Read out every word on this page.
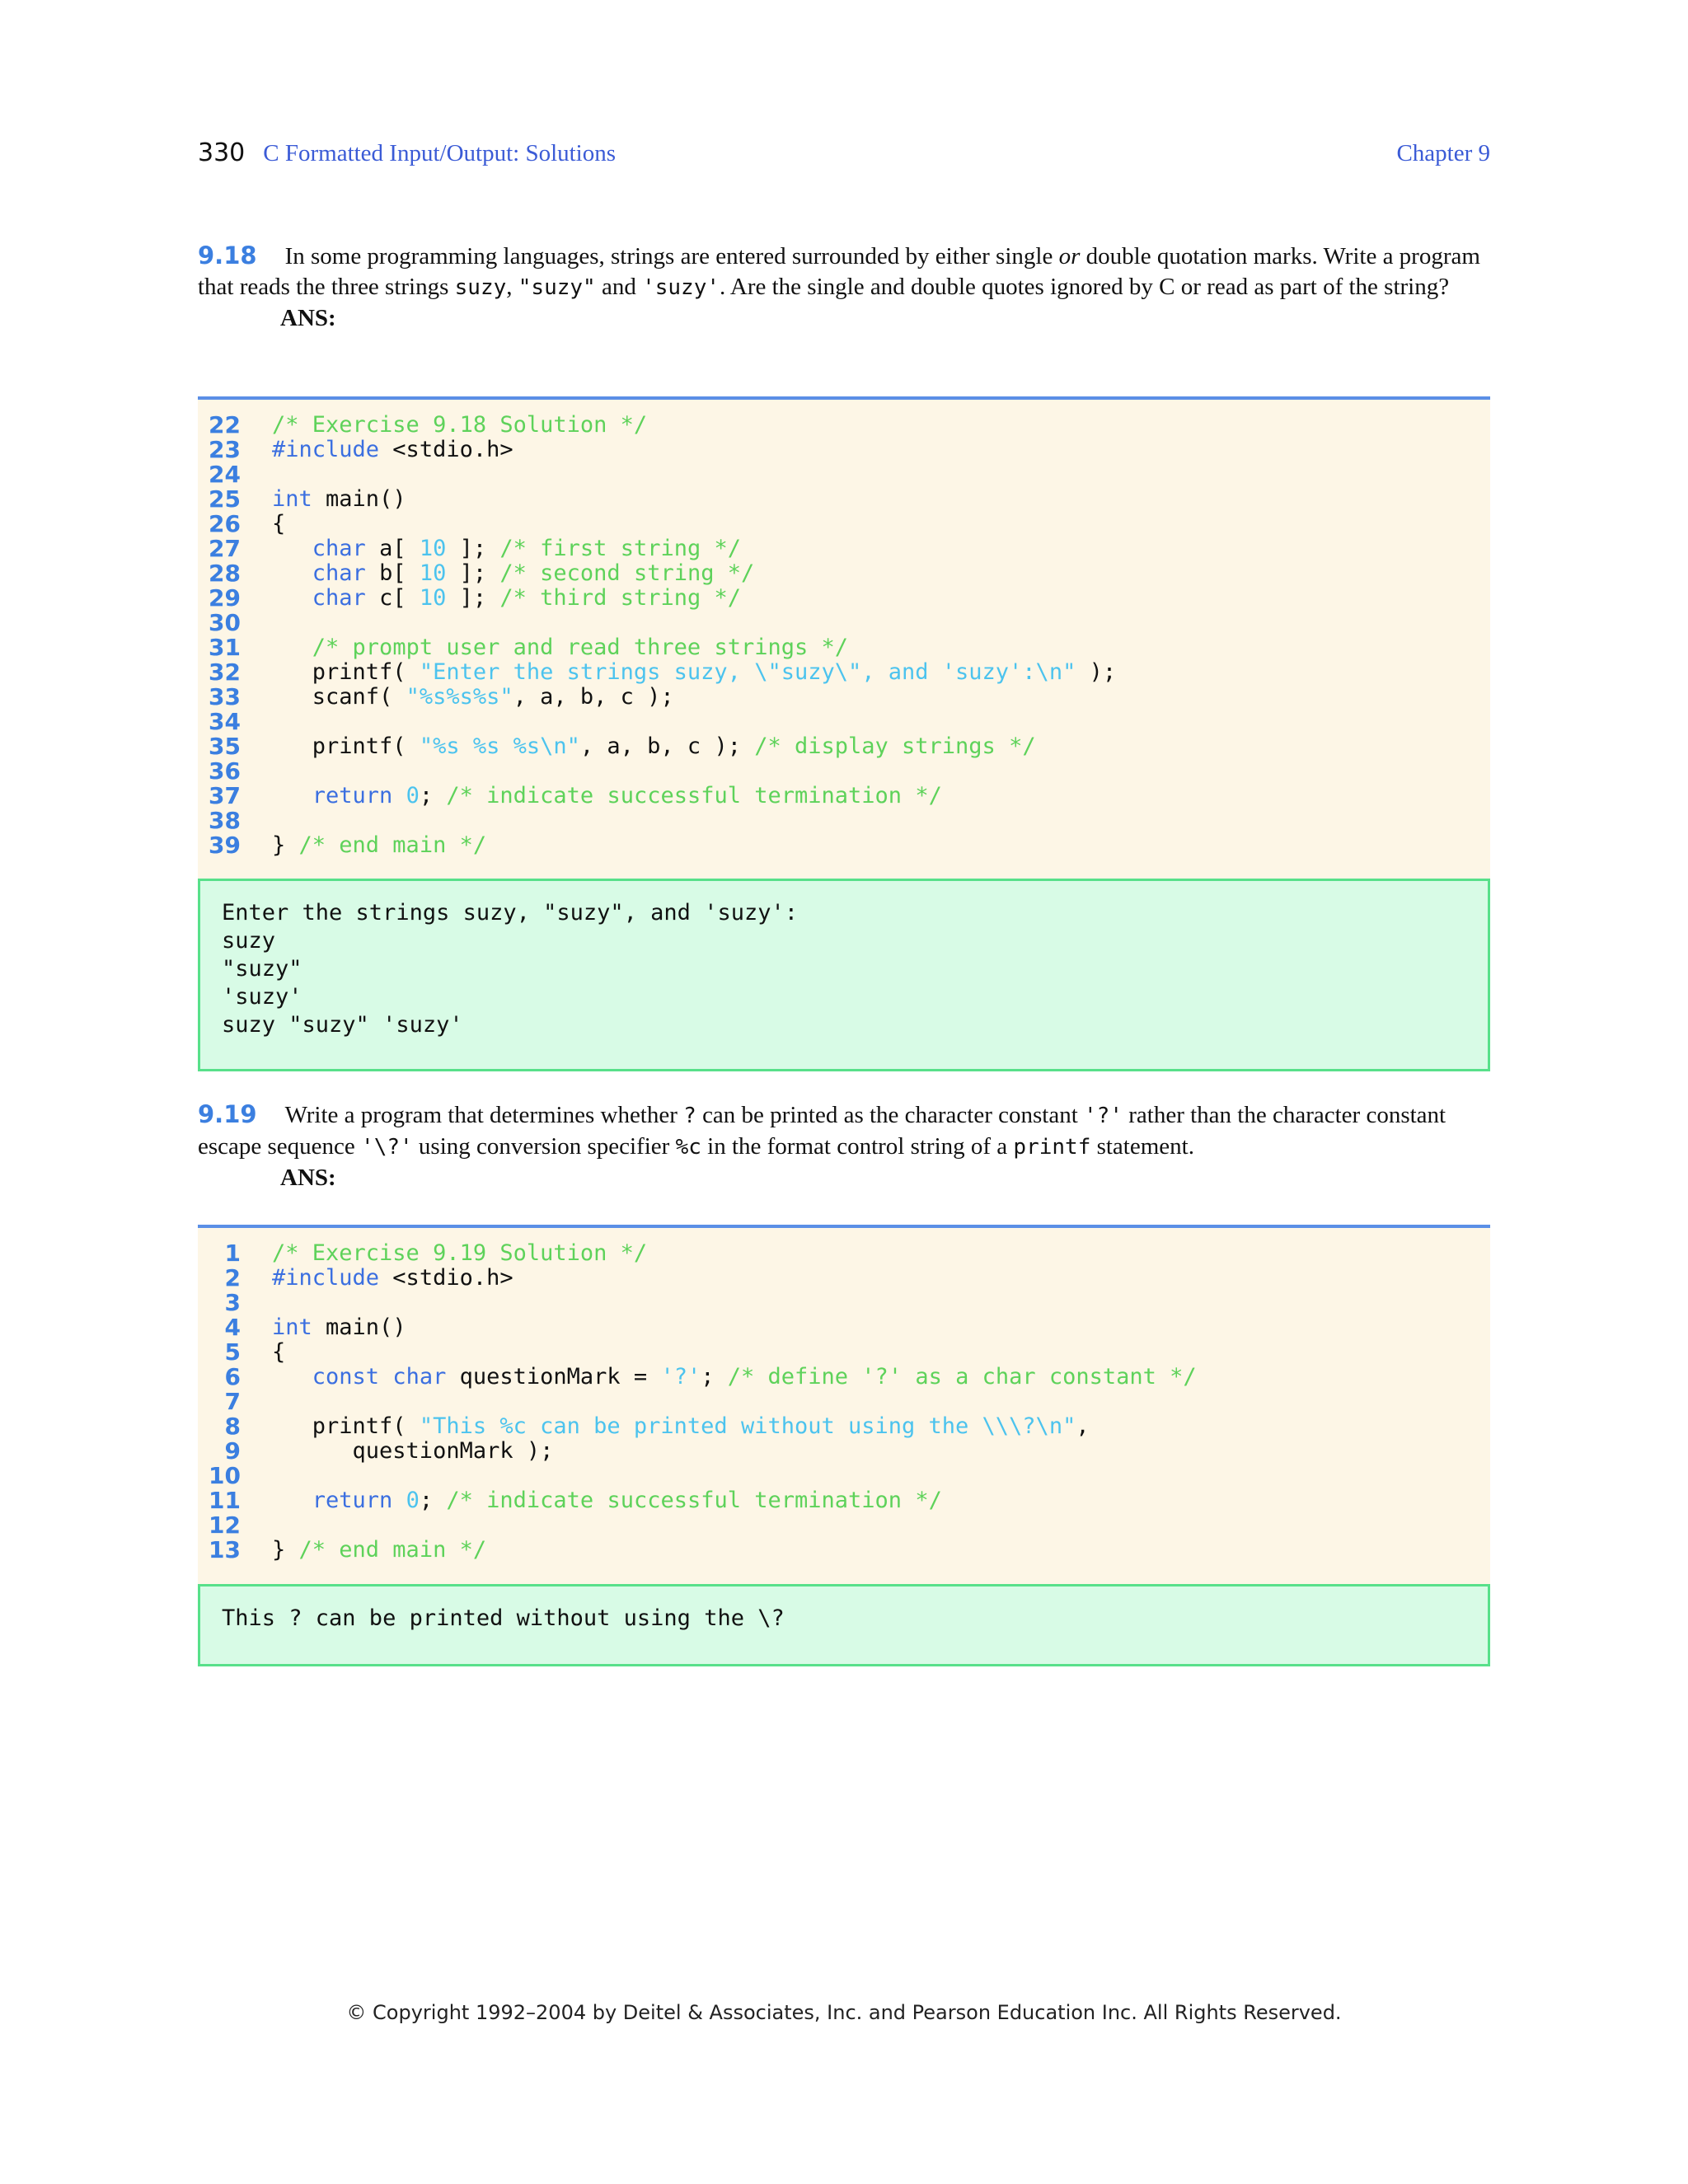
330 C Formatted Input/Output: Solutions	Chapter 9
9.18 In some programming languages, strings are entered surrounded by either single or double quotation marks. Write a program that reads the three strings suzy, "suzy" and 'suzy'. Are the single and double quotes ignored by C or read as part of the string?
ANS:
22	/* Exercise 9.18 Solution */
23	#include <stdio.h>
24
25	int main()
26	{
27	char a[ 10 ]; /* first string */
28	char b[ 10 ]; /* second string */
29	char c[ 10 ]; /* third string */
30
31	/* prompt user and read three strings */
32	printf( "Enter the strings suzy, \"suzy\", and 'suzy':\n" );
33	scanf( "%s%s%s", a, b, c );
34
35	printf( "%s %s %s\n", a, b, c ); /* display strings */
36
37	return 0; /* indicate successful termination */
38
39	} /* end main */
Enter the strings suzy, "suzy", and 'suzy':
suzy
"suzy"
'suzy'
suzy "suzy" 'suzy'
9.19 Write a program that determines whether ? can be printed as the character constant '?' rather than the character constant escape sequence '\?' using conversion specifier %c in the format control string of a printf statement.
ANS:
1	/* Exercise 9.19 Solution */
2	#include <stdio.h>
3
4	int main()
5	{
6	const char questionMark = '?'; /* define '?' as a char constant */
7
8	printf( "This %c can be printed without using the \\\?\n",
9	questionMark );
10
11	return 0; /* indicate successful termination */
12
13	} /* end main */
This ? can be printed without using the \?
© Copyright 1992–2004 by Deitel & Associates, Inc. and Pearson Education Inc. All Rights Reserved.
